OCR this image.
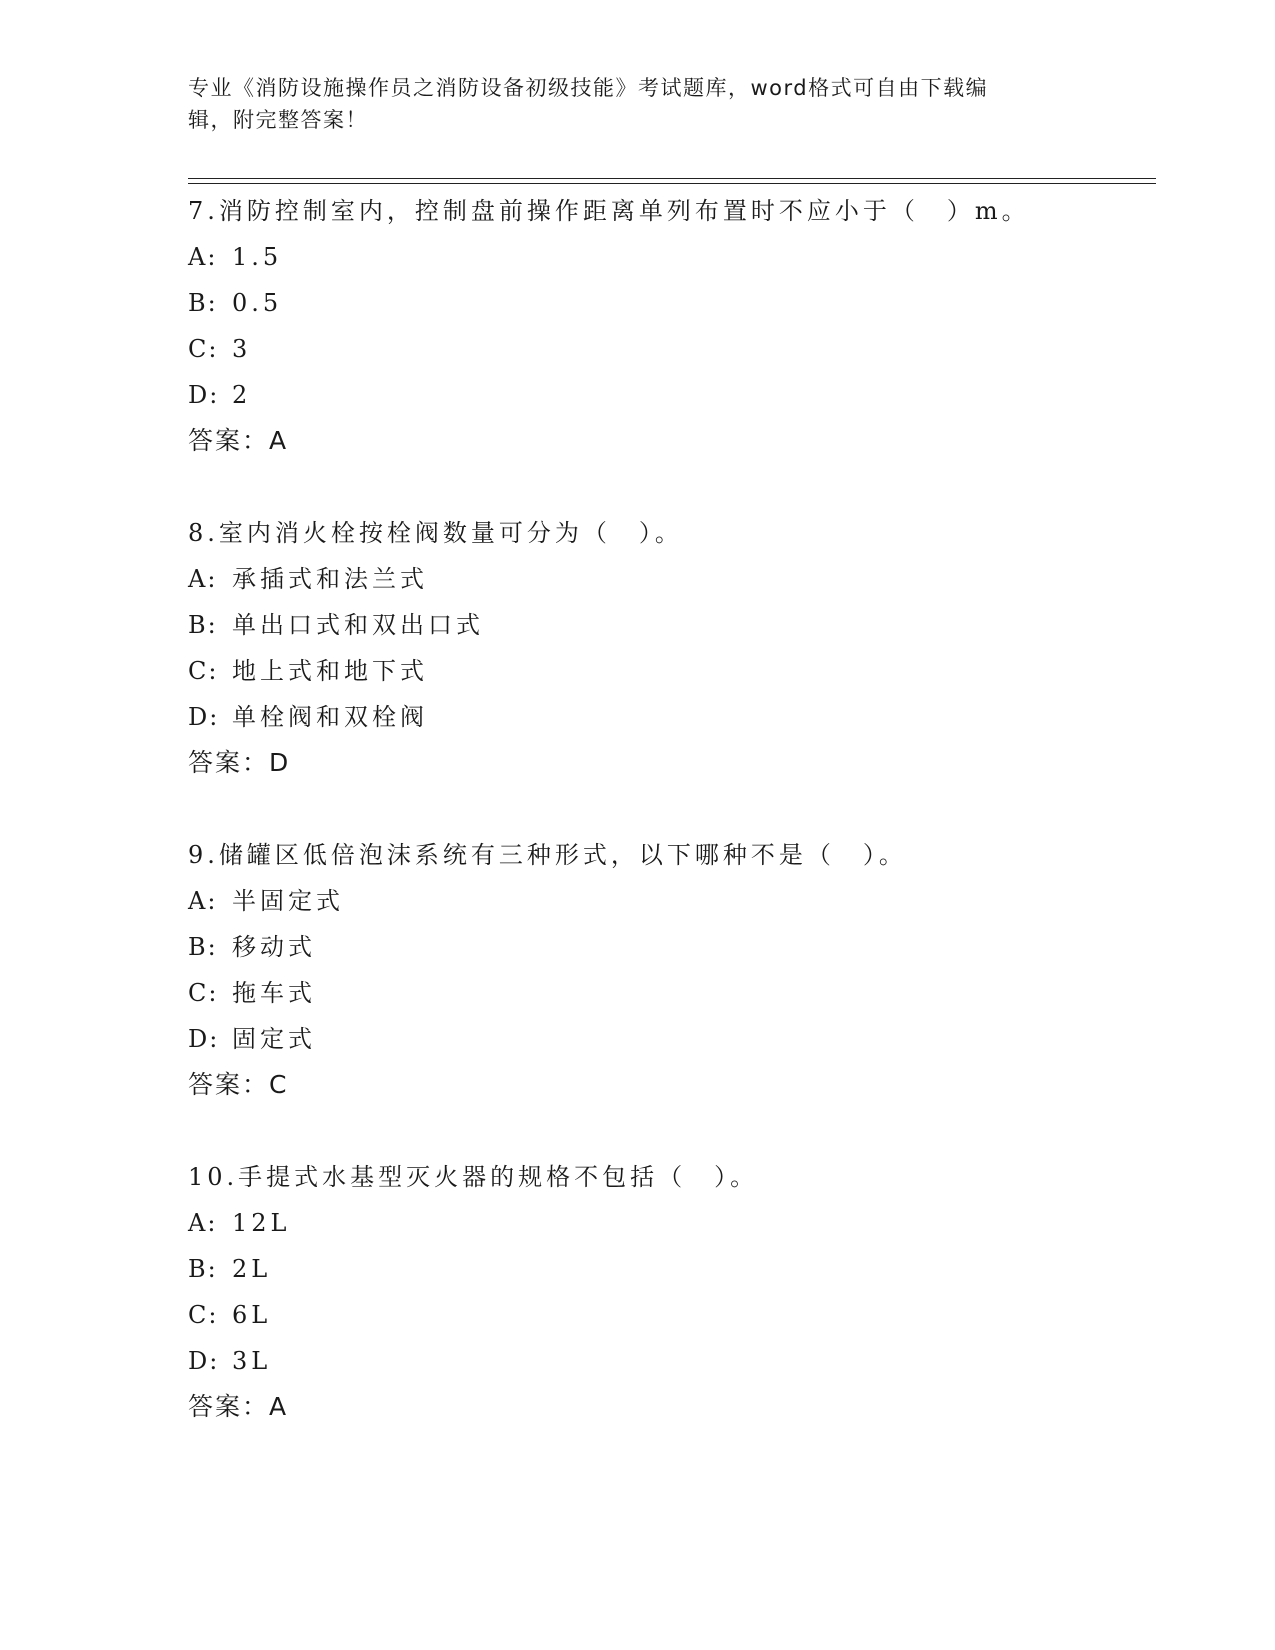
专业《消防设施操作员之消防设备初级技能》考试题库，word格式可自由下载编
辑，附完整答案！
7.消防控制室内，控制盘前操作距离单列布置时不应小于（　）m。
A: 1.5
B: 0.5
C: 3
D: 2
答案：A
8.室内消火栓按栓阀数量可分为（　）。
A: 承插式和法兰式
B: 单出口式和双出口式
C: 地上式和地下式
D: 单栓阀和双栓阀
答案：D
9.储罐区低倍泡沫系统有三种形式，以下哪种不是（　）。
A: 半固定式
B: 移动式
C: 拖车式
D: 固定式
答案：C
10.手提式水基型灭火器的规格不包括（　）。
A: 12L
B: 2L
C: 6L
D: 3L
答案：A
